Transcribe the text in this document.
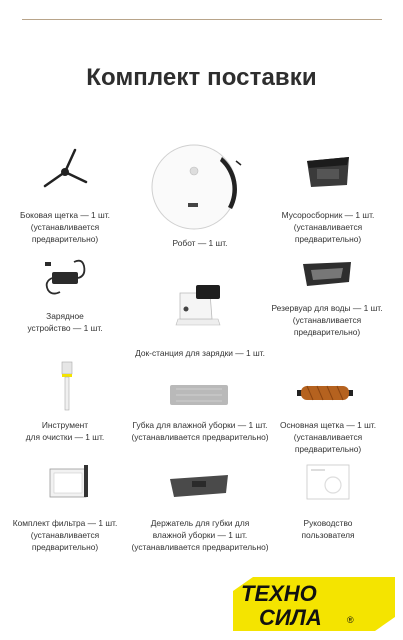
Комплект поставки
Боковая щетка — 1 шт.
(устанавливается
предварительно)	Робот — 1 шт.
Мусоросборник — 1 шт.
(устанавливается
предварительно)
Зарядное
устройство — 1 шт.
Док-станция для зарядки — 1 шт.
Резервуар для воды — 1 шт.
(устанавливается
предварительно)
Инструмент
для очистки — 1 шт.
Губка для влажной уборки — 1 шт.
(устанавливается предварительно)
Основная щетка — 1 шт.
(устанавливается
предварительно)
Комплект фильтра — 1 шт.
(устанавливается
предварительно)
Держатель для губки для
влажной уборки — 1 шт.
(устанавливается предварительно)
Руководство
пользователя
ТЕХНО
СИЛА	®
